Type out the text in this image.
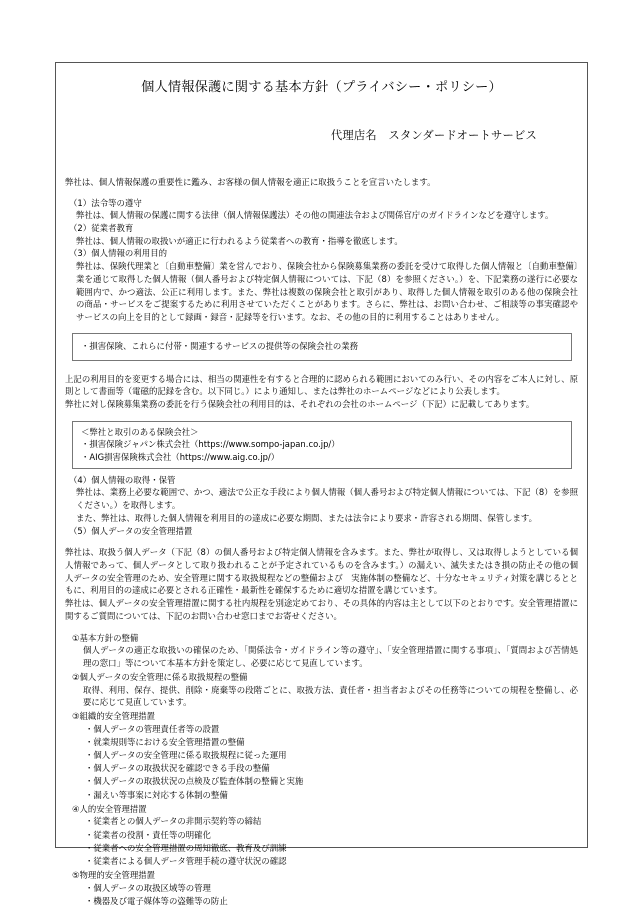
個人情報保護に関する基本方針（プライバシー・ポリシー）
代理店名　スタンダードオートサービス

弊社は、個人情報保護の重要性に鑑み、お客様の個人情報を適正に取扱うことを宣言いたします。

（1）法令等の遵守

弊社は、個人情報の保護に関する法律（個人情報保護法）その他の関連法令および関係官庁のガイドラインなどを遵守します。

（2）従業者教育

弊社は、個人情報の取扱いが適正に行われるよう従業者への教育・指導を徹底します。

（3）個人情報の利用目的

弊社は、保険代理業と〔自動車整備〕業を営んでおり、保険会社から保険募集業務の委託を受けて取得した個人情報と〔自動車整備〕業を通じて取得した個人情報（個人番号および特定個人情報については、下記（8）を参照ください。）を、下記業務の遂行に必要な範囲内で、かつ適法、公正に利用します。また、弊社は複数の保険会社と取引があり、取得した個人情報を取引のある他の保険会社の商品・サービスをご提案するために利用させていただくことがあります。さらに、弊社は、お問い合わせ、ご相談等の事実確認やサービスの向上を目的として録画・録音・記録等を行います。なお、その他の目的に利用することはありません。

・損害保険、これらに付帯・関連するサービスの提供等の保険会社の業務

上記の利用目的を変更する場合には、相当の関連性を有すると合理的に認められる範囲においてのみ行い、その内容をご本人に対し、原則として書面等（電磁的記録を含む。以下同じ。）により通知し、または弊社のホームページなどにより公表します。

弊社に対し保険募集業務の委託を行う保険会社の利用目的は、それぞれの会社のホームページ（下記）に記載してあります。

＜弊社と取引のある保険会社＞
・損害保険ジャパン株式会社（https://www.sompo-japan.co.jp/）
・AIG損害保険株式会社（https://www.aig.co.jp/）
（4）個人情報の取得・保管

弊社は、業務上必要な範囲で、かつ、適法で公正な手段により個人情報（個人番号および特定個人情報については、下記（8）を参照ください。）を取得します。

また、弊社は、取得した個人情報を利用目的の達成に必要な期間、または法令により要求・許容される期間、保管します。

（5）個人データの安全管理措置

弊社は、取扱う個人データ（下記（8）の個人番号および特定個人情報を含みます。また、弊社が取得し、又は取得しようとしている個人情報であって、個人データとして取り扱われることが予定されているものを含みます。）の漏えい、滅失またはき損の防止その他の個人データの安全管理のため、安全管理に関する取扱規程などの整備および　実施体制の整備など、十分なセキュリティ対策を講じるとともに、利用目的の達成に必要とされる正確性・最新性を確保するために適切な措置を講じています。

弊社は、個人データの安全管理措置に関する社内規程を別途定めており、その具体的内容は主として以下のとおりです。安全管理措置に関するご質問については、下記のお問い合わせ窓口までお寄せください。

①基本方針の整備

個人データの適正な取扱いの確保のため、「関係法令・ガイドライン等の遵守」、「安全管理措置に関する事項」、「質問および苦情処理の窓口」等について本基本方針を策定し、必要に応じて見直しています。

②個人データの安全管理に係る取扱規程の整備

取得、利用、保存、提供、削除・廃棄等の段階ごとに、取扱方法、責任者・担当者およびその任務等についての規程を整備し、必要に応じて見直しています。

③組織的安全管理措置
・個人データの管理責任者等の設置
・就業規則等における安全管理措置の整備
・個人データの安全管理に係る取扱規程に従った運用
・個人データの取扱状況を確認できる手段の整備
・個人データの取扱状況の点検及び監査体制の整備と実施
・漏えい等事案に対応する体制の整備
④人的安全管理措置
・従業者との個人データの非開示契約等の締結
・従業者の役割・責任等の明確化
・従業者への安全管理措置の周知徹底、教育及び訓練
・従業者による個人データ管理手続の遵守状況の確認
⑤物理的安全管理措置
・個人データの取扱区域等の管理
・機器及び電子媒体等の盗難等の防止
